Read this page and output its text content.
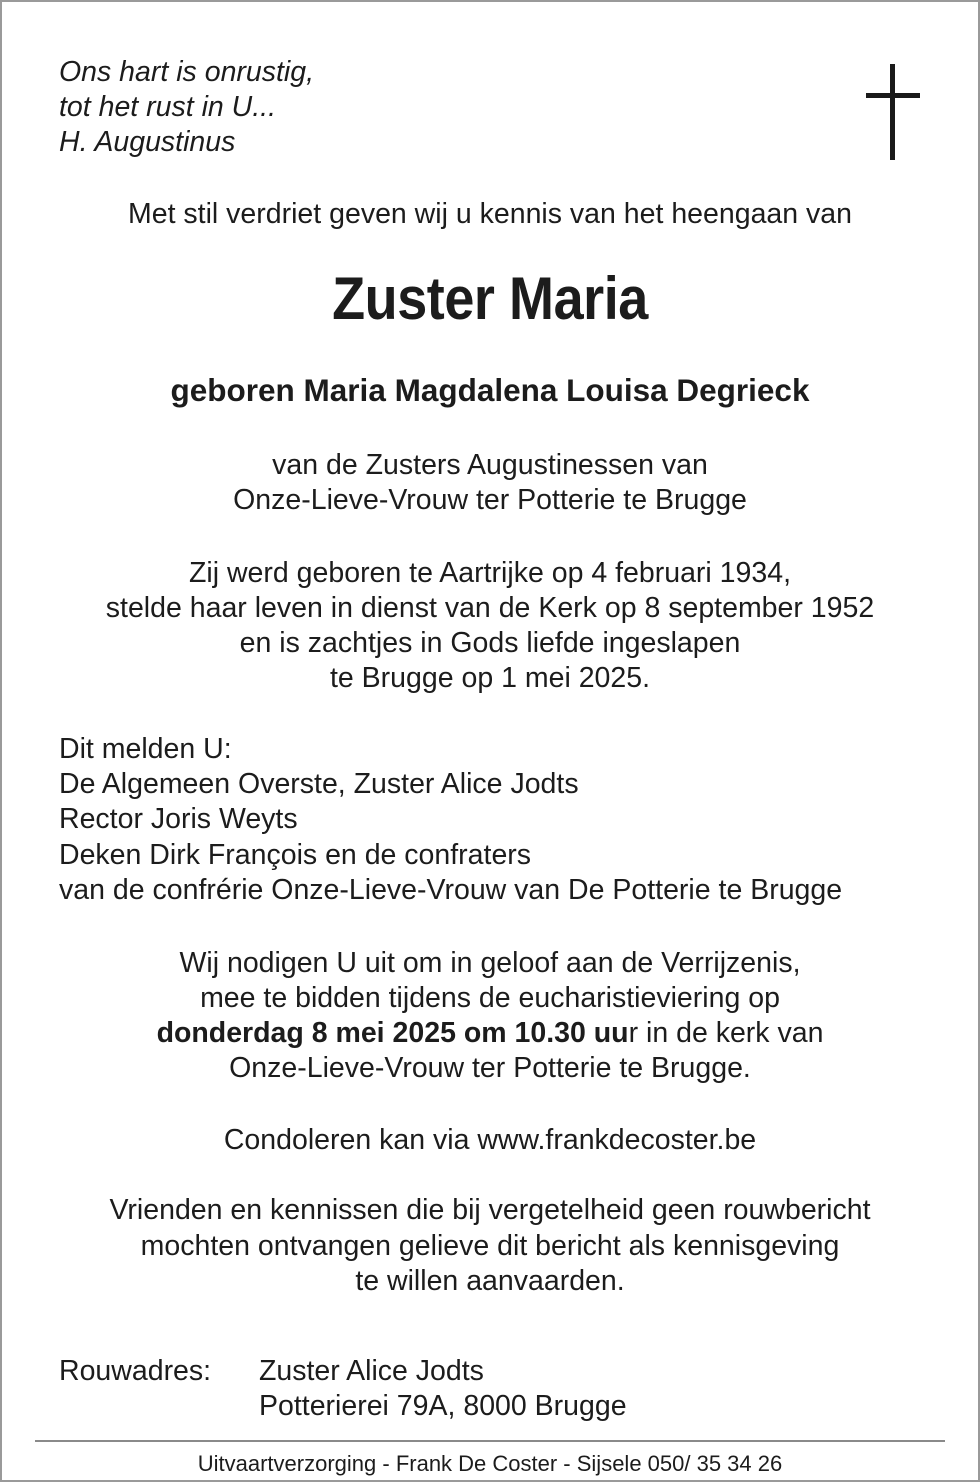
Ons hart is onrustig,
tot het rust in U...
H. Augustinus
Met stil verdriet geven wij u kennis van het heengaan van
Zuster Maria
geboren Maria Magdalena Louisa Degrieck
van de Zusters Augustinessen van
Onze-Lieve-Vrouw ter Potterie te Brugge
Zij werd geboren te Aartrijke op 4 februari 1934,
stelde haar leven in dienst van de Kerk op 8 september 1952
en is zachtjes in Gods liefde ingeslapen
te Brugge op 1 mei 2025.
Dit melden U:
De Algemeen Overste, Zuster Alice Jodts
Rector Joris Weyts
Deken Dirk François en de confraters
van de confrérie Onze-Lieve-Vrouw van De Potterie te Brugge
Wij nodigen U uit om in geloof aan de Verrijzenis,
mee te bidden tijdens de eucharistieviering op
donderdag 8 mei 2025 om 10.30 uur in de kerk van
Onze-Lieve-Vrouw ter Potterie te Brugge.
Condoleren kan via www.frankdecoster.be
Vrienden en kennissen die bij vergetelheid geen rouwbericht
mochten ontvangen gelieve dit bericht als kennisgeving
te willen aanvaarden.
Rouwadres: Zuster Alice Jodts
Potterierei 79A, 8000 Brugge
Uitvaartverzorging - Frank De Coster - Sijsele 050/ 35 34 26
